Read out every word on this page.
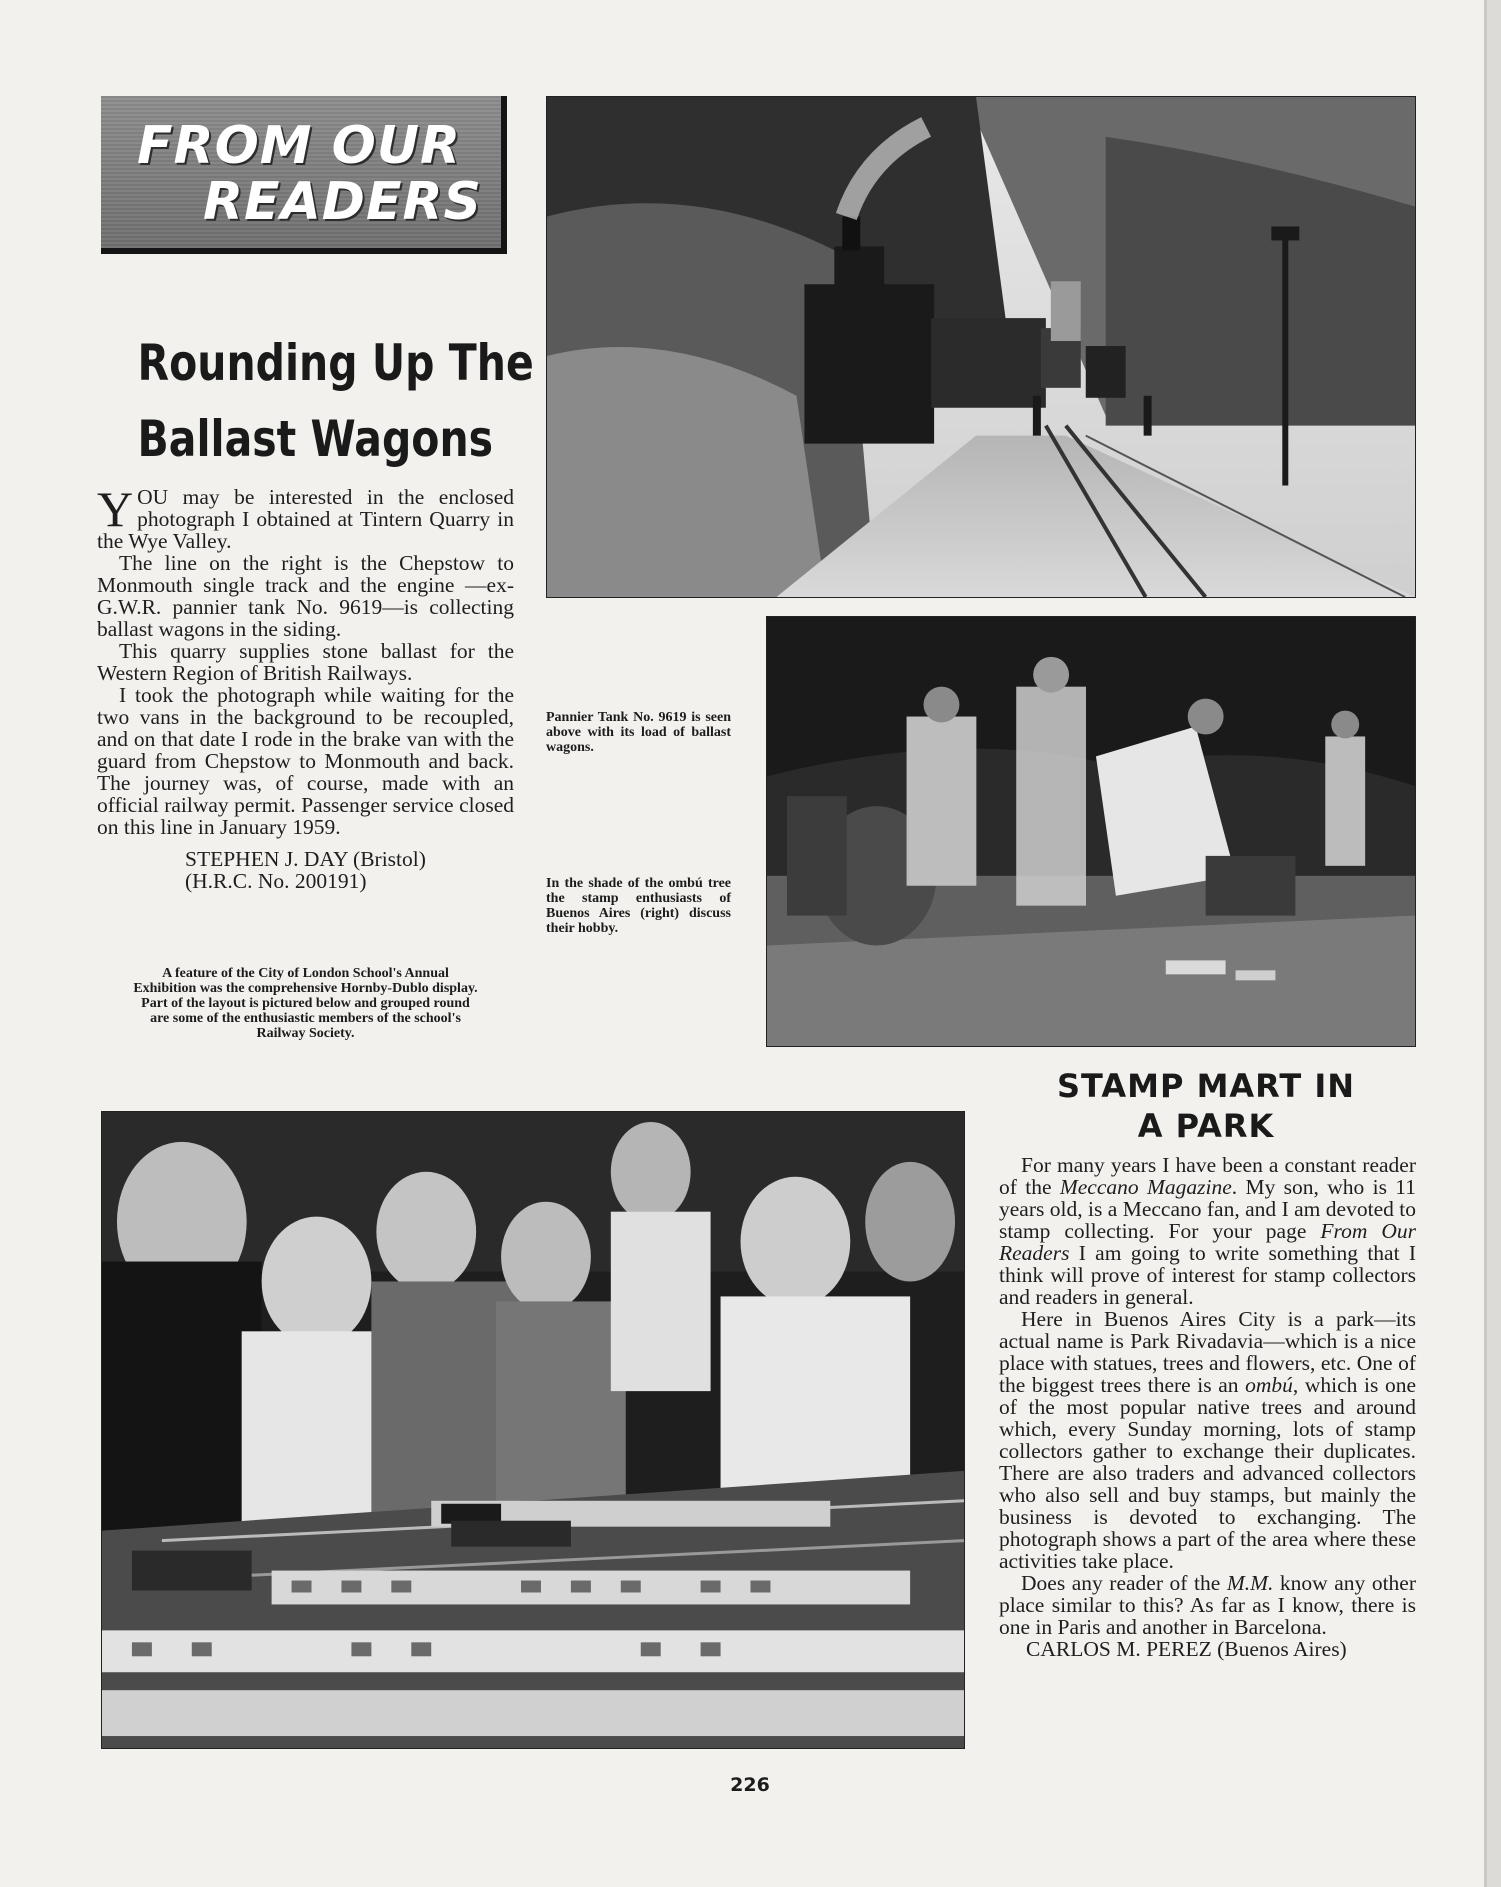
FROM OUR
READERS
Rounding Up The
Ballast Wagons

YOU may be interested in the enclosed photograph I obtained at Tintern Quarry in the Wye Valley.

The line on the right is the Chepstow to Monmouth single track and the engine —ex-G.W.R. pannier tank No. 9619—is collecting ballast wagons in the siding.

This quarry supplies stone ballast for the Western Region of British Railways.

I took the photograph while waiting for the two vans in the background to be recoupled, and on that date I rode in the brake van with the guard from Chepstow to Monmouth and back. The journey was, of course, made with an official railway permit. Passenger service closed on this line in January 1959.

STEPHEN J. DAY (Bristol)

(H.R.C. No. 200191)

Pannier Tank No. 9619 is seen above with its load of ballast wagons.
In the shade of the ombú tree the stamp enthusiasts of Buenos Aires (right) discuss their hobby.
A feature of the City of London School's Annual Exhibition was the comprehensive Hornby-Dublo display. Part of the layout is pictured below and grouped round are some of the enthusiastic members of the school's Railway Society.
STAMP MART IN
A PARK

For many years I have been a constant reader of the Meccano Magazine. My son, who is 11 years old, is a Meccano fan, and I am devoted to stamp collecting. For your page From Our Readers I am going to write something that I think will prove of interest for stamp collectors and readers in general.

Here in Buenos Aires City is a park—its actual name is Park Rivadavia—which is a nice place with statues, trees and flowers, etc. One of the biggest trees there is an ombú, which is one of the most popular native trees and around which, every Sunday morning, lots of stamp collectors gather to exchange their duplicates. There are also traders and advanced collectors who also sell and buy stamps, but mainly the business is devoted to exchanging. The photograph shows a part of the area where these activities take place.

Does any reader of the M.M. know any other place similar to this? As far as I know, there is one in Paris and another in Barcelona.

CARLOS M. PEREZ (Buenos Aires)

226
